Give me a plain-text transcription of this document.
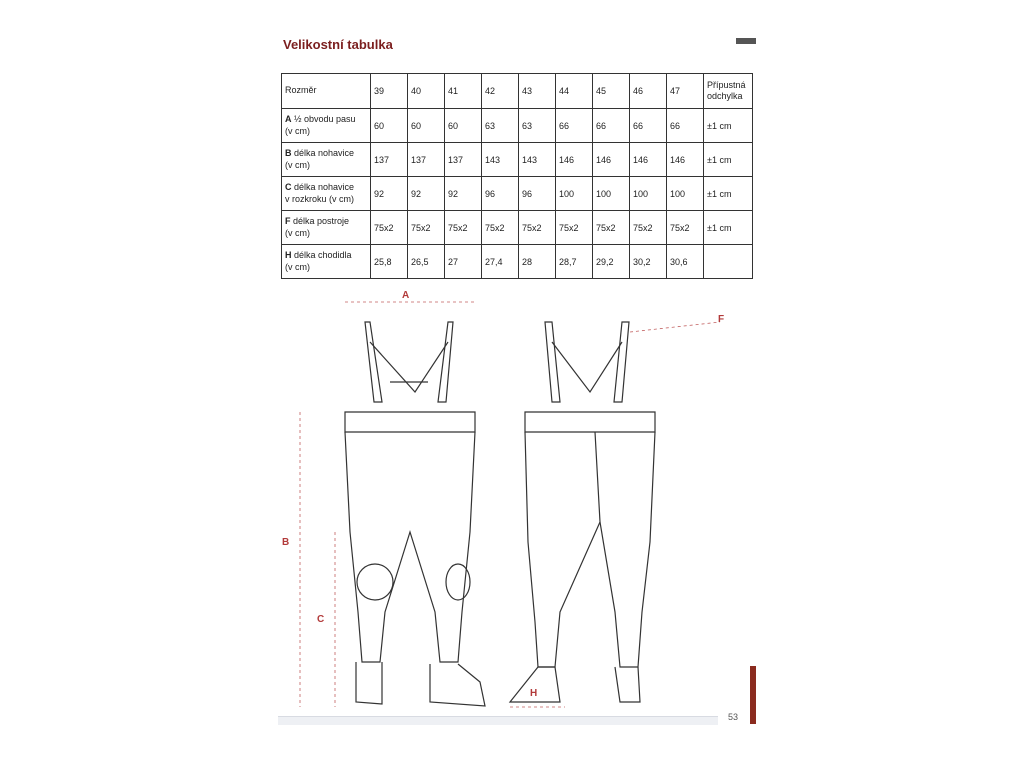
Velikostní tabulka
Rozměr	39	40	41	42	43	44	45	46	47	Přípustná
odchylka
A ½ obvodu pasu
(v cm)	60	60	60	63	63	66	66	66	66	±1 cm
B délka nohavice
(v cm)	137	137	137	143	143	146	146	146	146	±1 cm
C délka nohavice
v rozkroku (v cm)	92	92	92	96	96	100	100	100	100	±1 cm
F délka postroje
(v cm)	75x2	75x2	75x2	75x2	75x2	75x2	75x2	75x2	75x2	±1 cm
H délka chodidla
(v cm)	25,8	26,5	27	27,4	28	28,7	29,2	30,2	30,6	
A
B
C
F
H
53
